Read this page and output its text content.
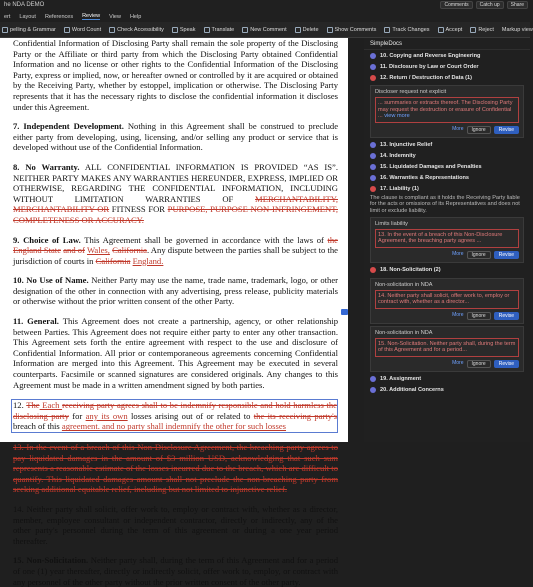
he NDA DEMO	Comments	Catch up	Share
ert Layout References Review View Help
pelling & Grammar	Word Count	Check Accessibility	Speak	Translate	New Comment	Delete	Show Comments	Track Changes	Accept	Reject Markup view

Confidential Information of Disclosing Party shall remain the sole property of the Disclosing Party or the Affiliate or third party from which the Disclosing Party obtained Confidential Information and no license or other rights to the Confidential Information of the Disclosing Party, express or implied, now, or hereafter owned or controlled by it are acquired or obtained by the Receiving Party, whether by estoppel, implication or otherwise. The Disclosing Party represents that it has the necessary rights to disclose the confidential information it discloses under this Agreement.

7. Independent Development. Nothing in this Agreement shall be construed to preclude either party from developing, using, licensing, and/or selling any product or service that is developed without use of the Confidential Information.

8. No Warranty. ALL CONFIDENTIAL INFORMATION IS PROVIDED “AS IS”. NEITHER PARTY MAKES ANY WARRANTIES HEREUNDER, EXPRESS, IMPLIED OR OTHERWISE, REGARDING THE CONFIDENTIAL INFORMATION, INCLUDING WITHOUT LIMITATION WARRANTIES OF MERCHANTABILITY, MERCHANTABILITY OR FITNESS FOR PURPOSE, PURPOSE NON-INFRINGEMENT, COMPLETENESS OR ACCURACY.

9. Choice of Law. This Agreement shall be governed in accordance with the laws of the England State and of Wales, California. Any dispute between the parties shall be subject to the jurisdiction of courts in California England.

10. No Use of Name. Neither Party may use the name, trade name, trademark, logo, or other designation of the other in connection with any advertising, press release, publicity materials or otherwise without the prior written consent of the other Party.

11. General. This Agreement does not create a partnership, agency, or other relationship between Parties. This Agreement does not require either party to enter any other transaction. This Agreement sets forth the entire agreement with respect to the use and disclosure of Confidential Information. All prior or contemporaneous agreements concerning Confidential Information are merged into this Agreement. This Agreement may be executed in several counterparts. Facsimile or scanned signatures are considered originals. Any changes to this Agreement must be made in a written amendment signed by both parties.

12. The Each receiving party agrees shall to be indemnify responsible and hold harmless the disclosing party for any its own losses arising out of or related to the its receiving party's breach of this agreement. and no party shall indemnify the other for such losses

13. In the event of a breach of this Non-Disclosure Agreement, the breaching party agrees to pay liquidated damages in the amount of $3 million USD, acknowledging that such sum represents a reasonable estimate of the losses incurred due to the breach, which are difficult to quantify. This liquidated damages amount shall not preclude the non-breaching party from seeking additional equitable relief, including but not limited to injunctive relief.

14. Neither party shall solicit, offer work to, employ or contract with, whether as a director, member, employee consultant or independent contractor, directly or indirectly, any of the other party's personnel during the term of this agreement or during a one year period thereafter.

15. Non-Solicitation. Neither party shall, during the term of this Agreement and for a period of one (1) year thereafter, directly or indirectly solicit, offer work to, employ, or contract with any personnel of the other party without the prior written consent of the other party.

SimpleDocs
10. Copying and Reverse Engineering
11. Disclosure by Law or Court Order
12. Return / Destruction of Data (1)
Discloser request not explicit
... summaries or extracts thereof. The Disclosing Party may request the destruction or erasure of Confidential ... view more
More	Ignore	Revise
13. Injunctive Relief
14. Indemnity
15. Liquidated Damages and Penalties
16. Warranties & Representations
17. Liability (1)
The clause is compliant as it holds the Receiving Party liable for the acts or omissions of its Representatives and does not limit or exclude liability.
Limits liability
13. In the event of a breach of this Non-Disclosure Agreement, the breaching party agrees ...
More	Ignore	Revise
18. Non-Solicitation (2)
Non-solicitation in NDA
14. Neither party shall solicit, offer work to, employ or contract with, whether as a director...
More	Ignore	Revise
Non-solicitation in NDA
15. Non-Solicitation. Neither party shall, during the term of this Agreement and for a period...
More	Ignore	Revise
19. Assignment
20. Additional Concerns
